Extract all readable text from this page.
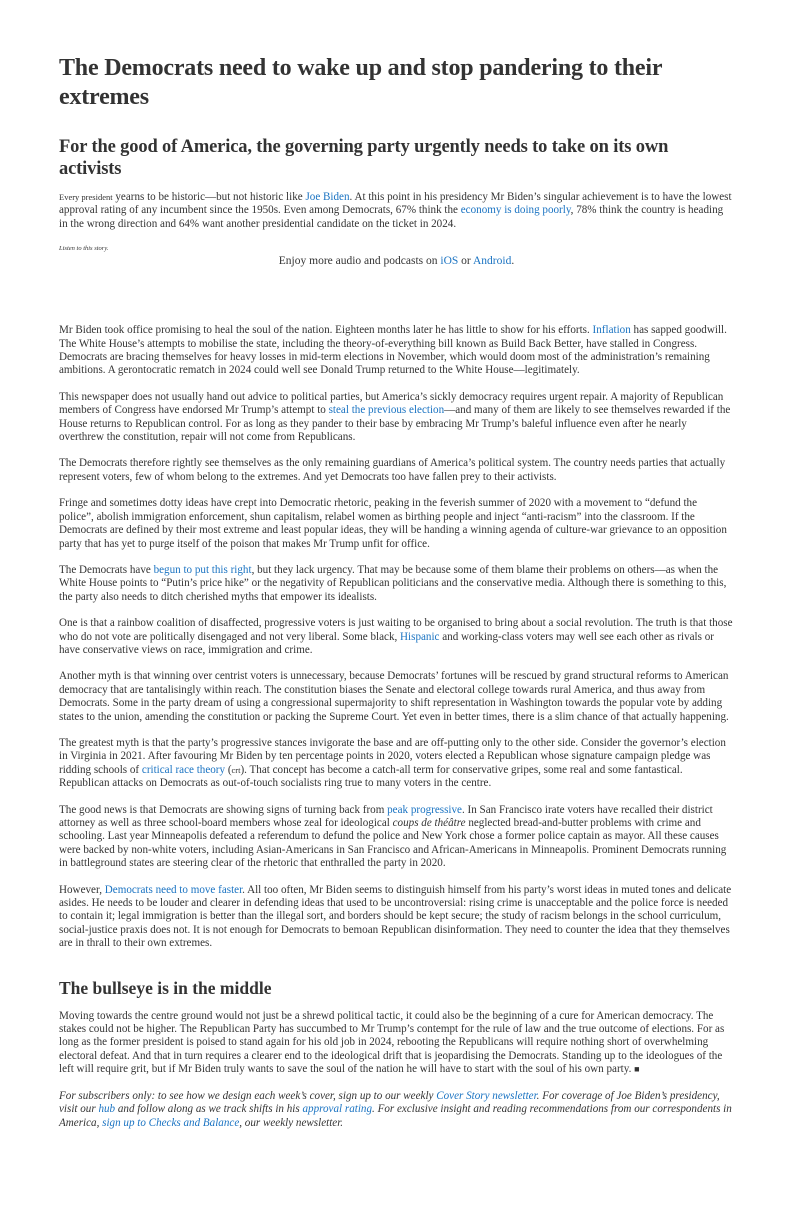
The Democrats need to wake up and stop pandering to their extremes
For the good of America, the governing party urgently needs to take on its own activists

Every president yearns to be historic—but not historic like Joe Biden. At this point in his presidency Mr Biden’s singular achievement is to have the lowest approval rating of any incumbent since the 1950s. Even among Democrats, 67% think the economy is doing poorly, 78% think the country is heading in the wrong direction and 64% want another presidential candidate on the ticket in 2024.

Listen to this story.
Enjoy more audio and podcasts on iOS or Android.

Mr Biden took office promising to heal the soul of the nation. Eighteen months later he has little to show for his efforts. Inflation has sapped goodwill. The White House’s attempts to mobilise the state, including the theory-of-everything bill known as Build Back Better, have stalled in Congress. Democrats are bracing themselves for heavy losses in mid-term elections in November, which would doom most of the administration’s remaining ambitions. A gerontocratic rematch in 2024 could well see Donald Trump returned to the White House—legitimately.

This newspaper does not usually hand out advice to political parties, but America’s sickly democracy requires urgent repair. A majority of Republican members of Congress have endorsed Mr Trump’s attempt to steal the previous election—and many of them are likely to see themselves rewarded if the House returns to Republican control. For as long as they pander to their base by embracing Mr Trump’s baleful influence even after he nearly overthrew the constitution, repair will not come from Republicans.

The Democrats therefore rightly see themselves as the only remaining guardians of America’s political system. The country needs parties that actually represent voters, few of whom belong to the extremes. And yet Democrats too have fallen prey to their activists.

Fringe and sometimes dotty ideas have crept into Democratic rhetoric, peaking in the feverish summer of 2020 with a movement to “defund the police”, abolish immigration enforcement, shun capitalism, relabel women as birthing people and inject “anti-racism” into the classroom. If the Democrats are defined by their most extreme and least popular ideas, they will be handing a winning agenda of culture-war grievance to an opposition party that has yet to purge itself of the poison that makes Mr Trump unfit for office.

The Democrats have begun to put this right, but they lack urgency. That may be because some of them blame their problems on others—as when the White House points to “Putin’s price hike” or the negativity of Republican politicians and the conservative media. Although there is something to this, the party also needs to ditch cherished myths that empower its idealists.

One is that a rainbow coalition of disaffected, progressive voters is just waiting to be organised to bring about a social revolution. The truth is that those who do not vote are politically disengaged and not very liberal. Some black, Hispanic and working-class voters may well see each other as rivals or have conservative views on race, immigration and crime.

Another myth is that winning over centrist voters is unnecessary, because Democrats’ fortunes will be rescued by grand structural reforms to American democracy that are tantalisingly within reach. The constitution biases the Senate and electoral college towards rural America, and thus away from Democrats. Some in the party dream of using a congressional supermajority to shift representation in Washington towards the popular vote by adding states to the union, amending the constitution or packing the Supreme Court. Yet even in better times, there is a slim chance of that actually happening.

The greatest myth is that the party’s progressive stances invigorate the base and are off-putting only to the other side. Consider the governor’s election in Virginia in 2021. After favouring Mr Biden by ten percentage points in 2020, voters elected a Republican whose signature campaign pledge was ridding schools of critical race theory (crt). That concept has become a catch-all term for conservative gripes, some real and some fantastical. Republican attacks on Democrats as out-of-touch socialists ring true to many voters in the centre.

The good news is that Democrats are showing signs of turning back from peak progressive. In San Francisco irate voters have recalled their district attorney as well as three school-board members whose zeal for ideological coups de théâtre neglected bread-and-butter problems with crime and schooling. Last year Minneapolis defeated a referendum to defund the police and New York chose a former police captain as mayor. All these causes were backed by non-white voters, including Asian-Americans in San Francisco and African-Americans in Minneapolis. Prominent Democrats running in battleground states are steering clear of the rhetoric that enthralled the party in 2020.

However, Democrats need to move faster. All too often, Mr Biden seems to distinguish himself from his party’s worst ideas in muted tones and delicate asides. He needs to be louder and clearer in defending ideas that used to be uncontroversial: rising crime is unacceptable and the police force is needed to contain it; legal immigration is better than the illegal sort, and borders should be kept secure; the study of racism belongs in the school curriculum, social-justice praxis does not. It is not enough for Democrats to bemoan Republican disinformation. They need to counter the idea that they themselves are in thrall to their own extremes.

The bullseye is in the middle

Moving towards the centre ground would not just be a shrewd political tactic, it could also be the beginning of a cure for American democracy. The stakes could not be higher. The Republican Party has succumbed to Mr Trump’s contempt for the rule of law and the true outcome of elections. For as long as the former president is poised to stand again for his old job in 2024, rebooting the Republicans will require nothing short of overwhelming electoral defeat. And that in turn requires a clearer end to the ideological drift that is jeopardising the Democrats. Standing up to the ideologues of the left will require grit, but if Mr Biden truly wants to save the soul of the nation he will have to start with the soul of his own party. ■

For subscribers only: to see how we design each week’s cover, sign up to our weekly Cover Story newsletter. For coverage of Joe Biden’s presidency, visit our hub and follow along as we track shifts in his approval rating. For exclusive insight and reading recommendations from our correspondents in America, sign up to Checks and Balance, our weekly newsletter.
